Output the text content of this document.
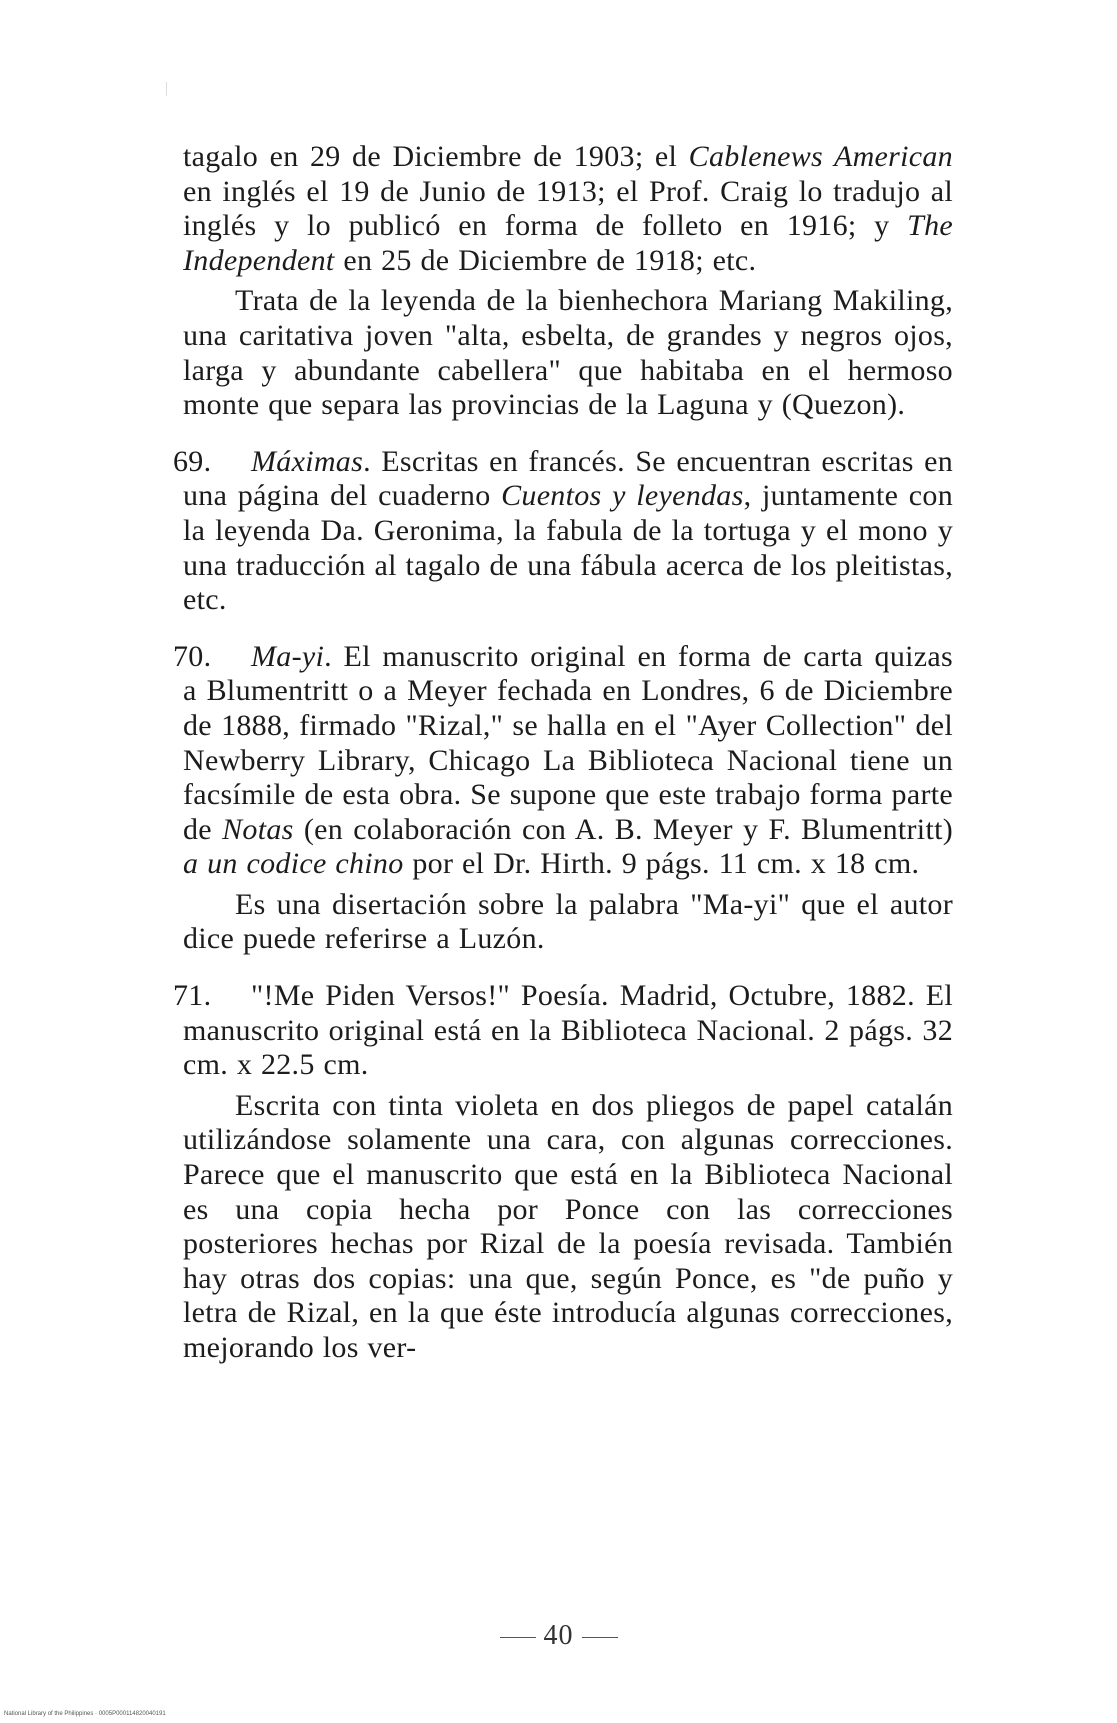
tagalo en 29 de Diciembre de 1903; el Cablenews American en inglés el 19 de Junio de 1913; el Prof. Craig lo tradujo al inglés y lo publicó en forma de folleto en 1916; y The Independent en 25 de Diciembre de 1918; etc.

Trata de la leyenda de la bienhechora Mariang Makiling, una caritativa joven "alta, esbelta, de grandes y negros ojos, larga y abundante cabellera" que habitaba en el hermoso monte que separa las provincias de la Laguna y (Quezon).

69. Máximas. Escritas en francés. Se encuentran escritas en una página del cuaderno Cuentos y leyendas, juntamente con la leyenda Da. Geronima, la fabula de la tortuga y el mono y una traducción al tagalo de una fábula acerca de los pleitistas, etc.

70. Ma-yi. El manuscrito original en forma de carta quizas a Blumentritt o a Meyer fechada en Londres, 6 de Diciembre de 1888, firmado "Rizal," se halla en el "Ayer Collection" del Newberry Library, Chicago La Biblioteca Nacional tiene un facsímile de esta obra. Se supone que este trabajo forma parte de Notas (en colaboración con A. B. Meyer y F. Blumentritt) a un codice chino por el Dr. Hirth. 9 págs. 11 cm. x 18 cm.

Es una disertación sobre la palabra "Ma-yi" que el autor dice puede referirse a Luzón.

71. "!Me Piden Versos!" Poesía. Madrid, Octubre, 1882. El manuscrito original está en la Biblioteca Nacional. 2 págs. 32 cm. x 22.5 cm.

Escrita con tinta violeta en dos pliegos de papel catalán utilizándose solamente una cara, con algunas correcciones. Parece que el manuscrito que está en la Biblioteca Nacional es una copia hecha por Ponce con las correcciones posteriores hechas por Rizal de la poesía revisada. También hay otras dos copias: una que, según Ponce, es "de puño y letra de Rizal, en la que éste introducía algunas correcciones, mejorando los ver-

40
National Library of the Philippines · 0005P000114820040191
